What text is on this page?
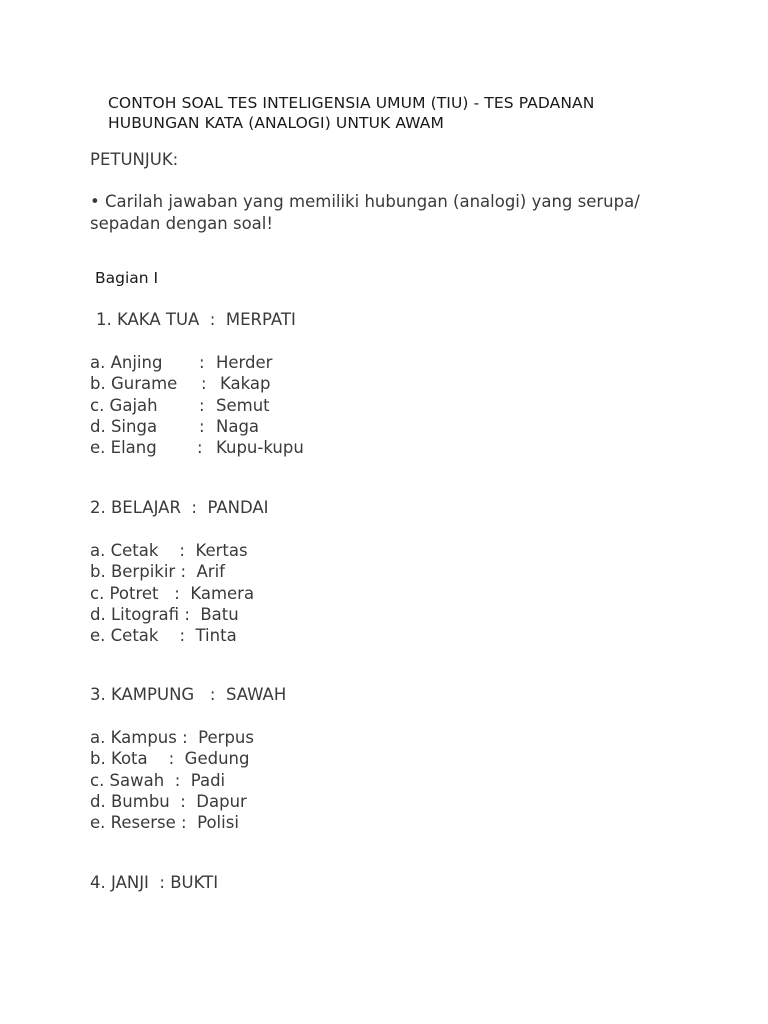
CONTOH SOAL TES INTELIGENSIA UMUM (TIU) - TES PADANAN
HUBUNGAN KATA (ANALOGI) UNTUK AWAM
PETUNJUK:
• Carilah jawaban yang memiliki hubungan (analogi) yang serupa/
sepadan dengan soal!
Bagian I
1. KAKA TUA  :  MERPATI
a. Anjing	: Herder
b. Gurame	: Kakap
c. Gajah	: Semut
d. Singa	: Naga
e. Elang	: Kupu-kupu
2. BELAJAR  :  PANDAI
a. Cetak : Kertas
b. Berpikir : Arif
c. Potret : Kamera
d. Litografi : Batu
e. Cetak : Tinta
3. KAMPUNG   :  SAWAH
a. Kampus : Perpus
b. Kota : Gedung
c. Sawah : Padi
d. Bumbu : Dapur
e. Reserse : Polisi
4. JANJI  : BUKTI
